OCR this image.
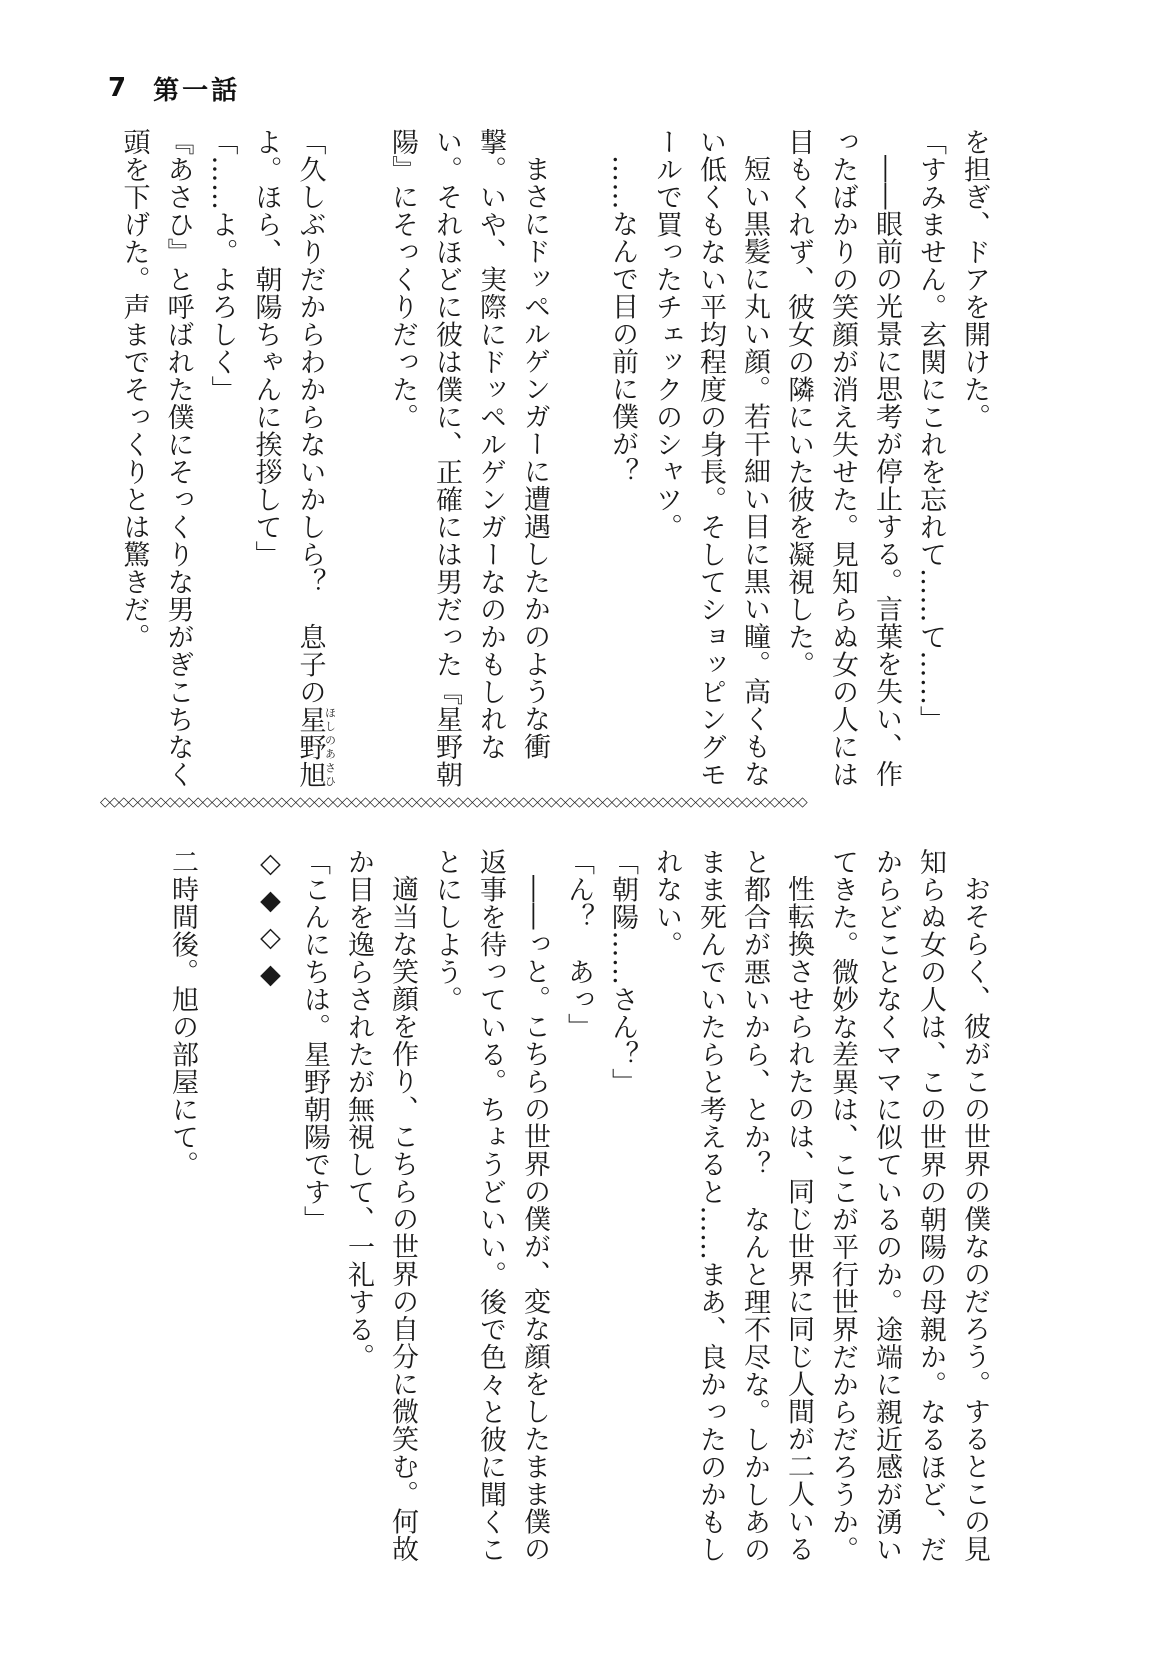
7 第一話

を担ぎ、ドアを開けた。

「すみません。玄関にこれを忘れて……て……」

――眼前の光景に思考が停止する。言葉を失い、作ったばかりの笑顔が消え失せた。見知らぬ女の人には目もくれず、彼女の隣にいた彼を凝視した。

短い黒髪に丸い顔。若干細い目に黒い瞳。高くもない低くもない平均程度の身長。そしてショッピングモールで買ったチェックのシャツ。

……なんで目の前に僕が？

まさにドッペルゲンガーに遭遇したかのような衝撃。いや、実際にドッペルゲンガーなのかもしれない。それほどに彼は僕に、正確には男だった『星野朝陽』にそっくりだった。

「久しぶりだからわからないかしら？　息子の星野旭ほしのあさひよ。ほら、朝陽ちゃんに挨拶して」

「……よ。よろしく」

『あさひ』と呼ばれた僕にそっくりな男がぎこちなく頭を下げた。声までそっくりとは驚きだ。

◇◇◇◇◇◇◇◇◇◇◇◇◇◇◇◇◇◇◇◇◇◇◇◇◇◇◇◇◇◇◇◇◇◇◇◇◇◇◇◇◇◇◇◇◇◇◇◇◇◇◇◇◇◇◇◇◇◇◇◇◇◇◇◇◇◇◇◇◇◇◇◇◇◇◇◇

おそらく、彼がこの世界の僕なのだろう。するとこの見知らぬ女の人は、この世界の朝陽の母親か。なるほど、だからどことなくママに似ているのか。途端に親近感が湧いてきた。微妙な差異は、ここが平行世界だからだろうか。

性転換させられたのは、同じ世界に同じ人間が二人いると都合が悪いから、とか？　なんと理不尽な。しかしあのまま死んでいたらと考えると……まあ、良かったのかもしれない。

「朝陽……さん？」

「ん？　あっ」

――っと。こちらの世界の僕が、変な顔をしたまま僕の返事を待っている。ちょうどいい。後で色々と彼に聞くことにしよう。

適当な笑顔を作り、こちらの世界の自分に微笑む。何故か目を逸らされたが無視して、一礼する。

「こんにちは。星野朝陽です」

◇◆◇◆

二時間後。旭の部屋にて。
